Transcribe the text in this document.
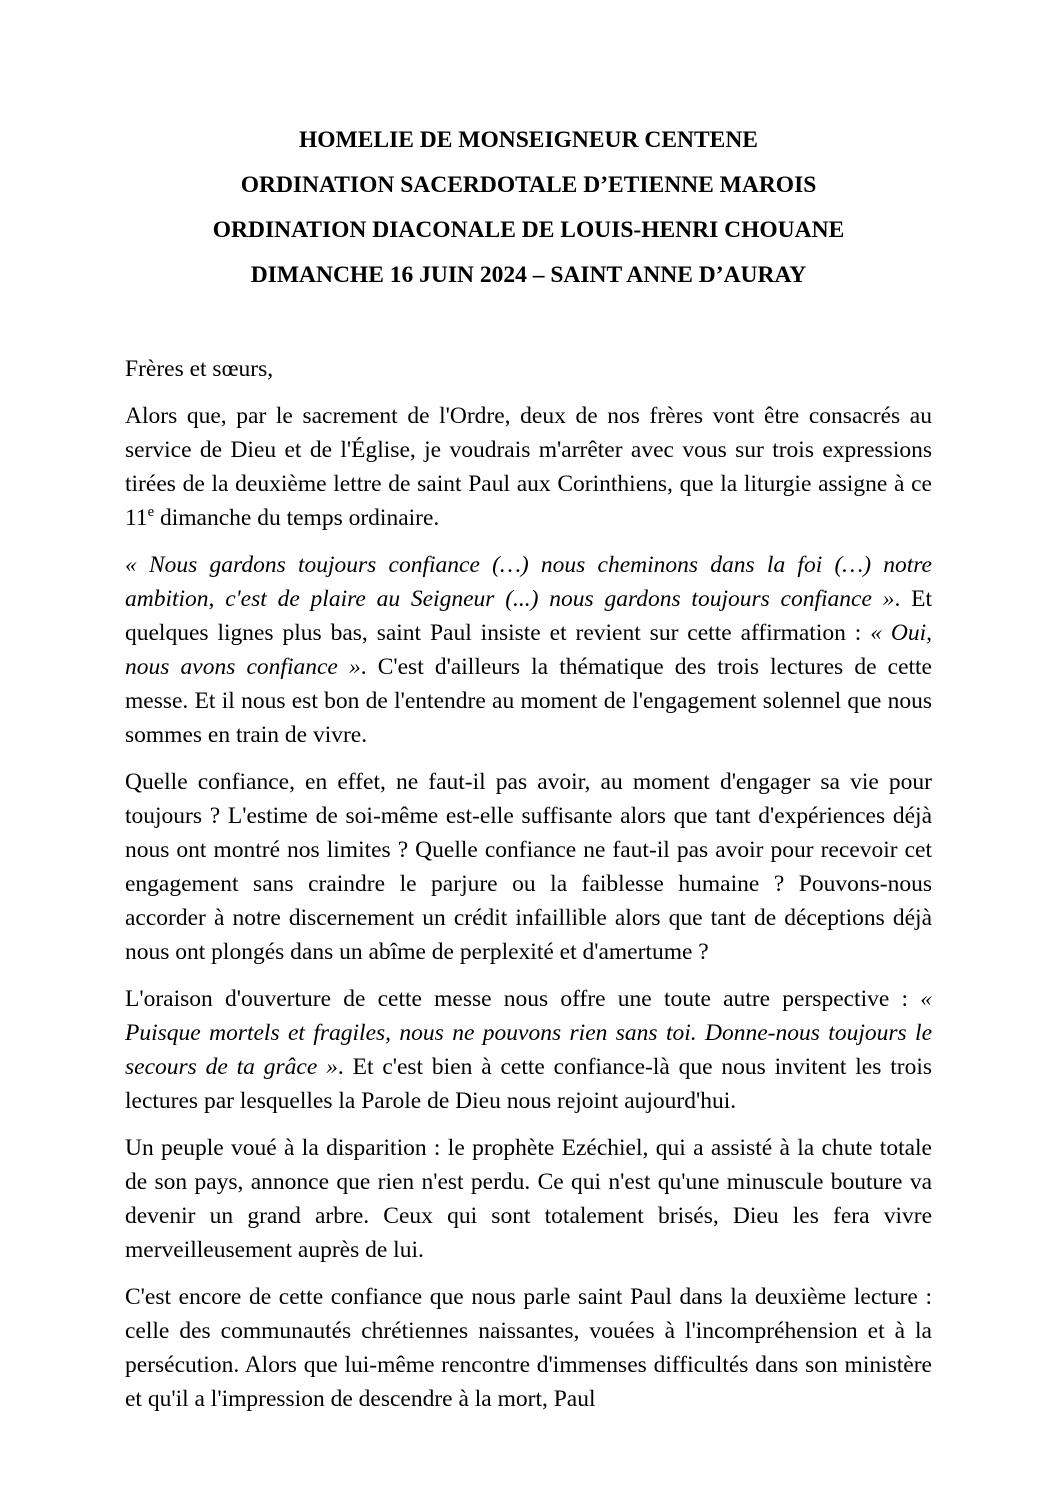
HOMELIE DE MONSEIGNEUR CENTENE
ORDINATION SACERDOTALE D’ETIENNE MAROIS
ORDINATION DIACONALE DE LOUIS-HENRI CHOUANE
DIMANCHE 16 JUIN 2024 – SAINT ANNE D’AURAY

Frères et sœurs,

Alors que, par le sacrement de l'Ordre, deux de nos frères vont être consacrés au service de Dieu et de l'Église, je voudrais m'arrêter avec vous sur trois expressions tirées de la deuxième lettre de saint Paul aux Corinthiens, que la liturgie assigne à ce 11e dimanche du temps ordinaire.

« Nous gardons toujours confiance (…) nous cheminons dans la foi (…) notre ambition, c'est de plaire au Seigneur (...) nous gardons toujours confiance ». Et quelques lignes plus bas, saint Paul insiste et revient sur cette affirmation : « Oui, nous avons confiance ». C'est d'ailleurs la thématique des trois lectures de cette messe. Et il nous est bon de l'entendre au moment de l'engagement solennel que nous sommes en train de vivre.

Quelle confiance, en effet, ne faut-il pas avoir, au moment d'engager sa vie pour toujours ? L'estime de soi-même est-elle suffisante alors que tant d'expériences déjà nous ont montré nos limites ? Quelle confiance ne faut-il pas avoir pour recevoir cet engagement sans craindre le parjure ou la faiblesse humaine ? Pouvons-nous accorder à notre discernement un crédit infaillible alors que tant de déceptions déjà nous ont plongés dans un abîme de perplexité et d'amertume ?

L'oraison d'ouverture de cette messe nous offre une toute autre perspective : « Puisque mortels et fragiles, nous ne pouvons rien sans toi. Donne-nous toujours le secours de ta grâce ». Et c'est bien à cette confiance-là que nous invitent les trois lectures par lesquelles la Parole de Dieu nous rejoint aujourd'hui.

Un peuple voué à la disparition : le prophète Ezéchiel, qui a assisté à la chute totale de son pays, annonce que rien n'est perdu. Ce qui n'est qu'une minuscule bouture va devenir un grand arbre. Ceux qui sont totalement brisés, Dieu les fera vivre merveilleusement auprès de lui.

C'est encore de cette confiance que nous parle saint Paul dans la deuxième lecture : celle des communautés chrétiennes naissantes, vouées à l'incompréhension et à la persécution. Alors que lui-même rencontre d'immenses difficultés dans son ministère et qu'il a l'impression de descendre à la mort, Paul
